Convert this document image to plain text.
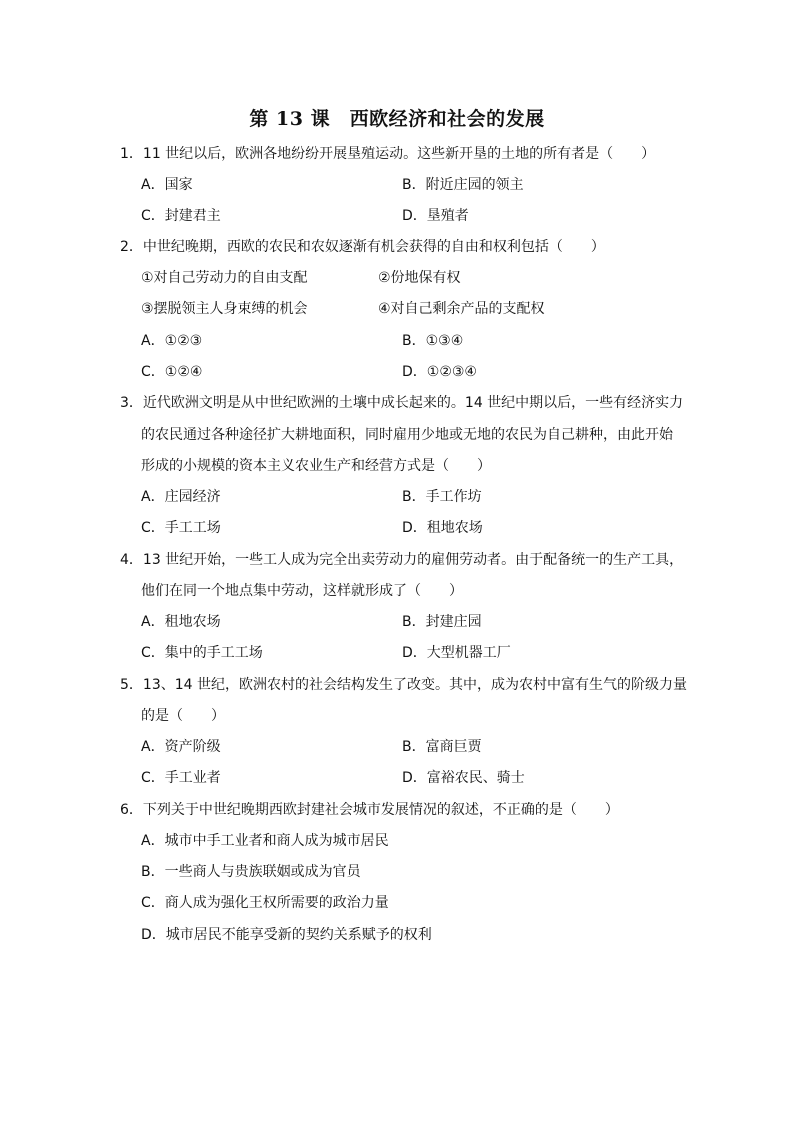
第 13 课　西欧经济和社会的发展
1．11 世纪以后，欧洲各地纷纷开展垦殖运动。这些新开垦的土地的所有者是（　　）
A．国家	B．附近庄园的领主
C．封建君主	D．垦殖者
2．中世纪晚期，西欧的农民和农奴逐渐有机会获得的自由和权利包括（　　）
①对自己劳动力的自由支配	②份地保有权
③摆脱领主人身束缚的机会	④对自己剩余产品的支配权
A．①②③	B．①③④
C．①②④	D．①②③④
3．近代欧洲文明是从中世纪欧洲的土壤中成长起来的。14 世纪中期以后，一些有经济实力
的农民通过各种途径扩大耕地面积，同时雇用少地或无地的农民为自己耕种，由此开始
形成的小规模的资本主义农业生产和经营方式是（　　）
A．庄园经济	B．手工作坊
C．手工工场	D．租地农场
4．13 世纪开始，一些工人成为完全出卖劳动力的雇佣劳动者。由于配备统一的生产工具，
他们在同一个地点集中劳动，这样就形成了（　　）
A．租地农场	B．封建庄园
C．集中的手工工场	D．大型机器工厂
5．13、14 世纪，欧洲农村的社会结构发生了改变。其中，成为农村中富有生气的阶级力量
的是（　　）
A．资产阶级	B．富商巨贾
C．手工业者	D．富裕农民、骑士
6．下列关于中世纪晚期西欧封建社会城市发展情况的叙述，不正确的是（　　）
A．城市中手工业者和商人成为城市居民
B．一些商人与贵族联姻或成为官员
C．商人成为强化王权所需要的政治力量
D．城市居民不能享受新的契约关系赋予的权利
